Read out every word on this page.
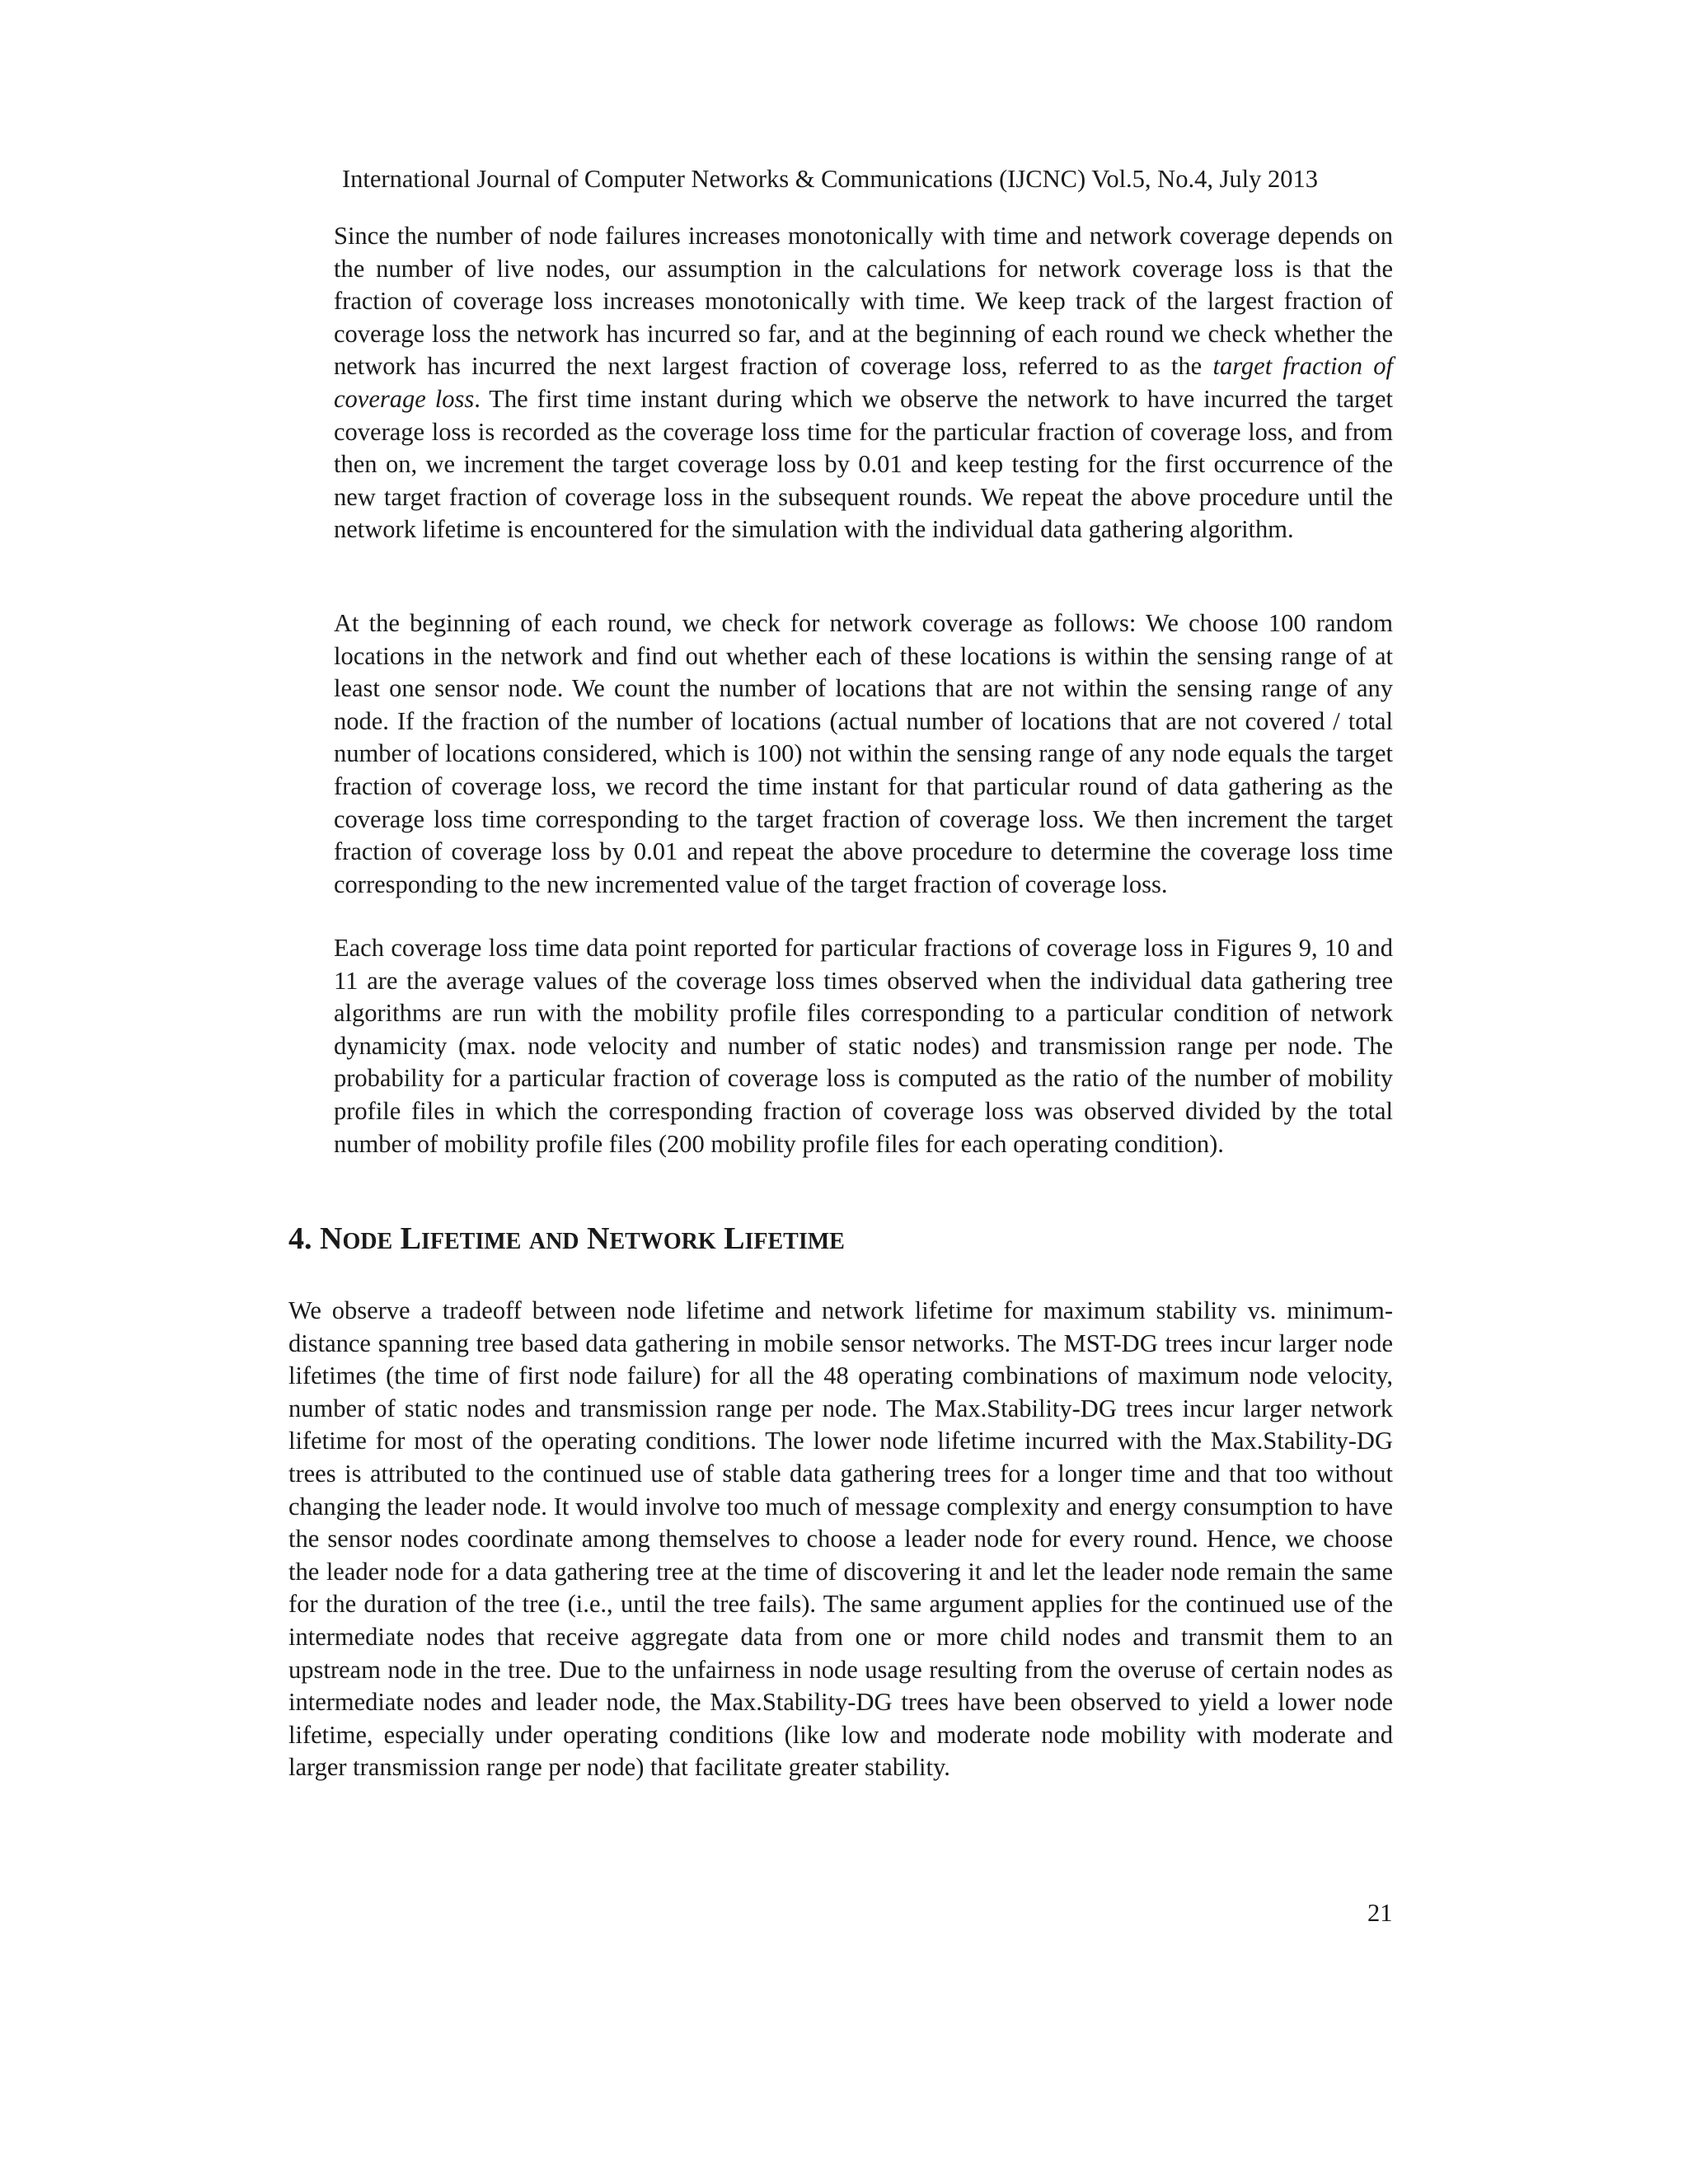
International Journal of Computer Networks & Communications (IJCNC) Vol.5, No.4, July 2013

Since the number of node failures increases monotonically with time and network coverage depends on the number of live nodes, our assumption in the calculations for network coverage loss is that the fraction of coverage loss increases monotonically with time. We keep track of the largest fraction of coverage loss the network has incurred so far, and at the beginning of each round we check whether the network has incurred the next largest fraction of coverage loss, referred to as the target fraction of coverage loss. The first time instant during which we observe the network to have incurred the target coverage loss is recorded as the coverage loss time for the particular fraction of coverage loss, and from then on, we increment the target coverage loss by 0.01 and keep testing for the first occurrence of the new target fraction of coverage loss in the subsequent rounds. We repeat the above procedure until the network lifetime is encountered for the simulation with the individual data gathering algorithm.

At the beginning of each round, we check for network coverage as follows: We choose 100 random locations in the network and find out whether each of these locations is within the sensing range of at least one sensor node. We count the number of locations that are not within the sensing range of any node. If the fraction of the number of locations (actual number of locations that are not covered / total number of locations considered, which is 100) not within the sensing range of any node equals the target fraction of coverage loss, we record the time instant for that particular round of data gathering as the coverage loss time corresponding to the target fraction of coverage loss. We then increment the target fraction of coverage loss by 0.01 and repeat the above procedure to determine the coverage loss time corresponding to the new incremented value of the target fraction of coverage loss.

Each coverage loss time data point reported for particular fractions of coverage loss in Figures 9, 10 and 11 are the average values of the coverage loss times observed when the individual data gathering tree algorithms are run with the mobility profile files corresponding to a particular condition of network dynamicity (max. node velocity and number of static nodes) and transmission range per node. The probability for a particular fraction of coverage loss is computed as the ratio of the number of mobility profile files in which the corresponding fraction of coverage loss was observed divided by the total number of mobility profile files (200 mobility profile files for each operating condition).

4. NODE LIFETIME AND NETWORK LIFETIME

We observe a tradeoff between node lifetime and network lifetime for maximum stability vs. minimum-distance spanning tree based data gathering in mobile sensor networks. The MST-DG trees incur larger node lifetimes (the time of first node failure) for all the 48 operating combinations of maximum node velocity, number of static nodes and transmission range per node. The Max.Stability-DG trees incur larger network lifetime for most of the operating conditions. The lower node lifetime incurred with the Max.Stability-DG trees is attributed to the continued use of stable data gathering trees for a longer time and that too without changing the leader node. It would involve too much of message complexity and energy consumption to have the sensor nodes coordinate among themselves to choose a leader node for every round. Hence, we choose the leader node for a data gathering tree at the time of discovering it and let the leader node remain the same for the duration of the tree (i.e., until the tree fails). The same argument applies for the continued use of the intermediate nodes that receive aggregate data from one or more child nodes and transmit them to an upstream node in the tree. Due to the unfairness in node usage resulting from the overuse of certain nodes as intermediate nodes and leader node, the Max.Stability-DG trees have been observed to yield a lower node lifetime, especially under operating conditions (like low and moderate node mobility with moderate and larger transmission range per node) that facilitate greater stability.

21
